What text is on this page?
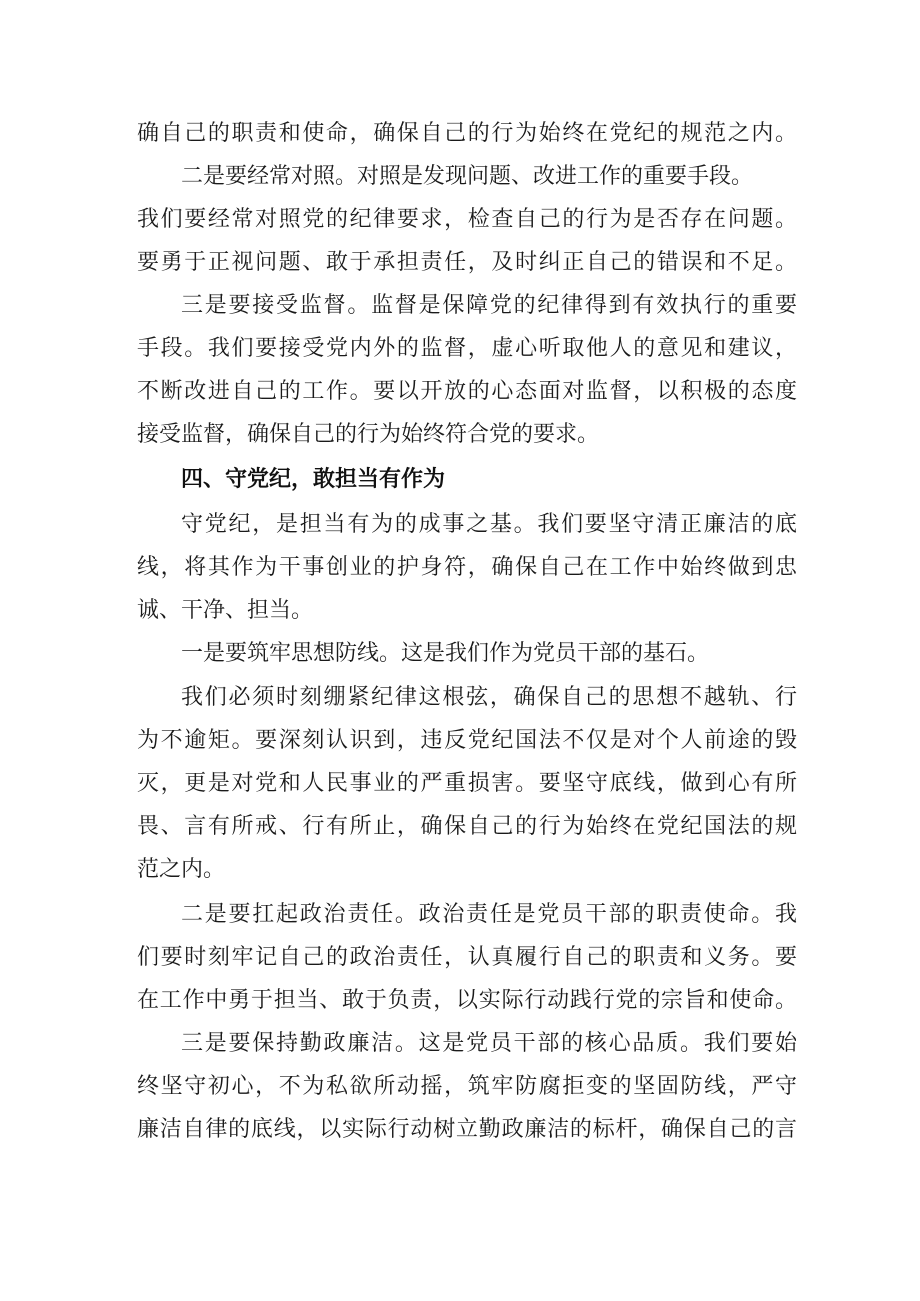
确自己的职责和使命，确保自己的行为始终在党纪的规范之内。

二是要经常对照。对照是发现问题、改进工作的重要手段。

我们要经常对照党的纪律要求，检查自己的行为是否存在问题。

要勇于正视问题、敢于承担责任，及时纠正自己的错误和不足。

三是要接受监督。监督是保障党的纪律得到有效执行的重要

手段。我们要接受党内外的监督，虚心听取他人的意见和建议，

不断改进自己的工作。要以开放的心态面对监督，以积极的态度

接受监督，确保自己的行为始终符合党的要求。

四、守党纪，敢担当有作为

守党纪，是担当有为的成事之基。我们要坚守清正廉洁的底

线，将其作为干事创业的护身符，确保自己在工作中始终做到忠

诚、干净、担当。

一是要筑牢思想防线。这是我们作为党员干部的基石。

我们必须时刻绷紧纪律这根弦，确保自己的思想不越轨、行

为不逾矩。要深刻认识到，违反党纪国法不仅是对个人前途的毁

灭，更是对党和人民事业的严重损害。要坚守底线，做到心有所

畏、言有所戒、行有所止，确保自己的行为始终在党纪国法的规

范之内。

二是要扛起政治责任。政治责任是党员干部的职责使命。我

们要时刻牢记自己的政治责任，认真履行自己的职责和义务。要

在工作中勇于担当、敢于负责，以实际行动践行党的宗旨和使命。

三是要保持勤政廉洁。这是党员干部的核心品质。我们要始

终坚守初心，不为私欲所动摇，筑牢防腐拒变的坚固防线，严守

廉洁自律的底线，以实际行动树立勤政廉洁的标杆，确保自己的言
